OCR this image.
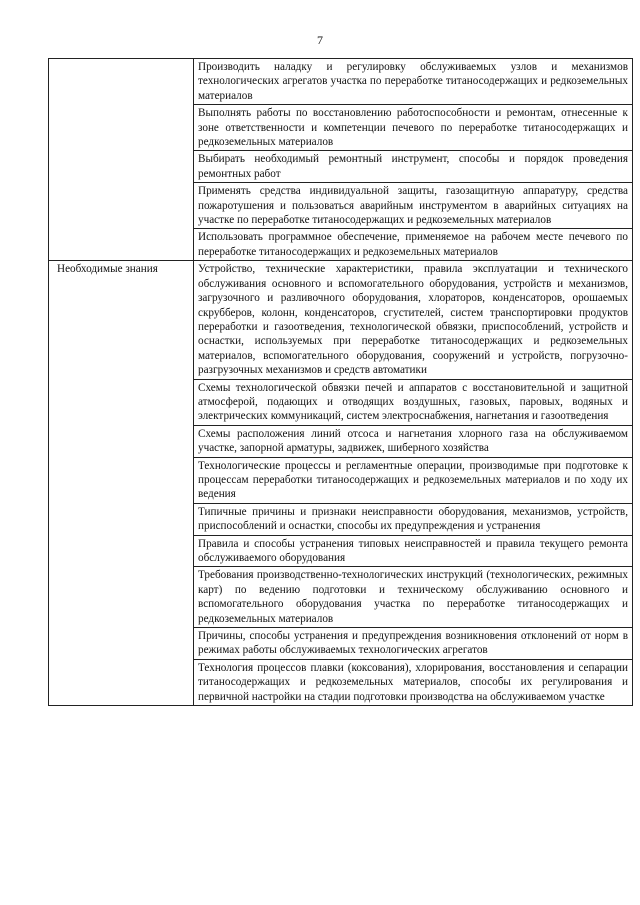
7
	Производить наладку и регулировку обслуживаемых узлов и механизмов технологических агрегатов участка по переработке титаносодержащих и редкоземельных материалов
	Выполнять работы по восстановлению работоспособности и ремонтам, отнесенные к зоне ответственности и компетенции печевого по переработке титаносодержащих и редкоземельных материалов
	Выбирать необходимый ремонтный инструмент, способы и порядок проведения ремонтных работ
	Применять средства индивидуальной защиты, газозащитную аппаратуру, средства пожаротушения и пользоваться аварийным инструментом в аварийных ситуациях на участке по переработке титаносодержащих и редкоземельных материалов
	Использовать программное обеспечение, применяемое на рабочем месте печевого по переработке титаносодержащих и редкоземельных материалов

Необходимые знания	Устройство, технические характеристики, правила эксплуатации и технического обслуживания основного и вспомогательного оборудования, устройств и механизмов, загрузочного и разливочного оборудования, хлораторов, конденсаторов, орошаемых скрубберов, колонн, конденсаторов, сгустителей, систем транспортировки продуктов переработки и газоотведения, технологической обвязки, приспособлений, устройств и оснастки, используемых при переработке титаносодержащих и редкоземельных материалов, вспомогательного оборудования, сооружений и устройств, погрузочно-разгрузочных механизмов и средств автоматики
	Схемы технологической обвязки печей и аппаратов с восстановительной и защитной атмосферой, подающих и отводящих воздушных, газовых, паровых, водяных и электрических коммуникаций, систем электроснабжения, нагнетания и газоотведения
	Схемы расположения линий отсоса и нагнетания хлорного газа на обслуживаемом участке, запорной арматуры, задвижек, шиберного хозяйства
	Технологические процессы и регламентные операции, производимые при подготовке к процессам переработки титаносодержащих и редкоземельных материалов и по ходу их ведения
	Типичные причины и признаки неисправности оборудования, механизмов, устройств, приспособлений и оснастки, способы их предупреждения и устранения
	Правила и способы устранения типовых неисправностей и правила текущего ремонта обслуживаемого оборудования
	Требования производственно-технологических инструкций (технологических, режимных карт) по ведению подготовки и техническому обслуживанию основного и вспомогательного оборудования участка по переработке титаносодержащих и редкоземельных материалов
	Причины, способы устранения и предупреждения возникновения отклонений от норм в режимах работы обслуживаемых технологических агрегатов
	Технология процессов плавки (коксования), хлорирования, восстановления и сепарации титаносодержащих и редкоземельных материалов, способы их регулирования и первичной настройки на стадии подготовки производства на обслуживаемом участке
